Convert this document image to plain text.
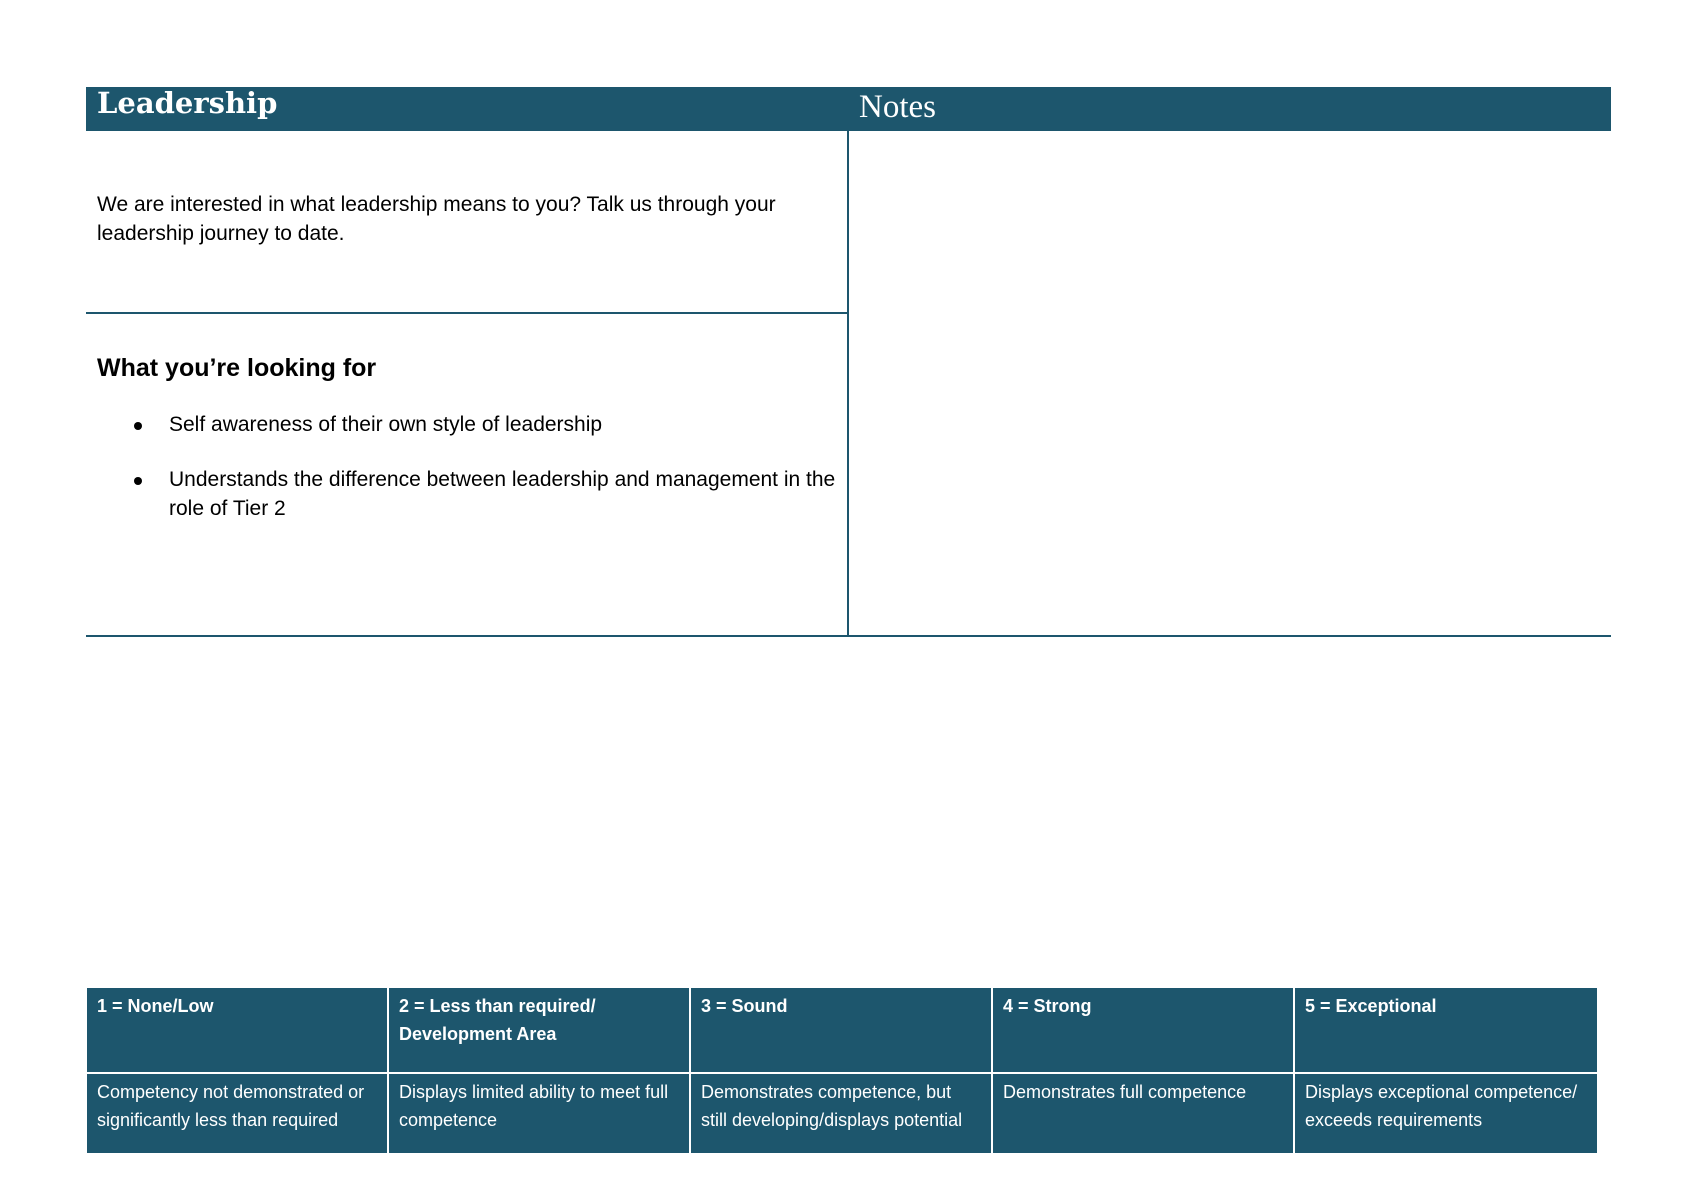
Leadership	Notes
We are interested in what leadership means to you? Talk us through your leadership journey to date.
What you’re looking for
Self awareness of their own style of leadership
Understands the difference between leadership and management in the role of Tier 2
1 = None/Low	2 = Less than required/ Development Area	3 = Sound	4 = Strong	5 = Exceptional
Competency not demonstrated or significantly less than required	Displays limited ability to meet full competence	Demonstrates competence, but still developing/displays potential	Demonstrates full competence	Displays exceptional competence/ exceeds requirements
